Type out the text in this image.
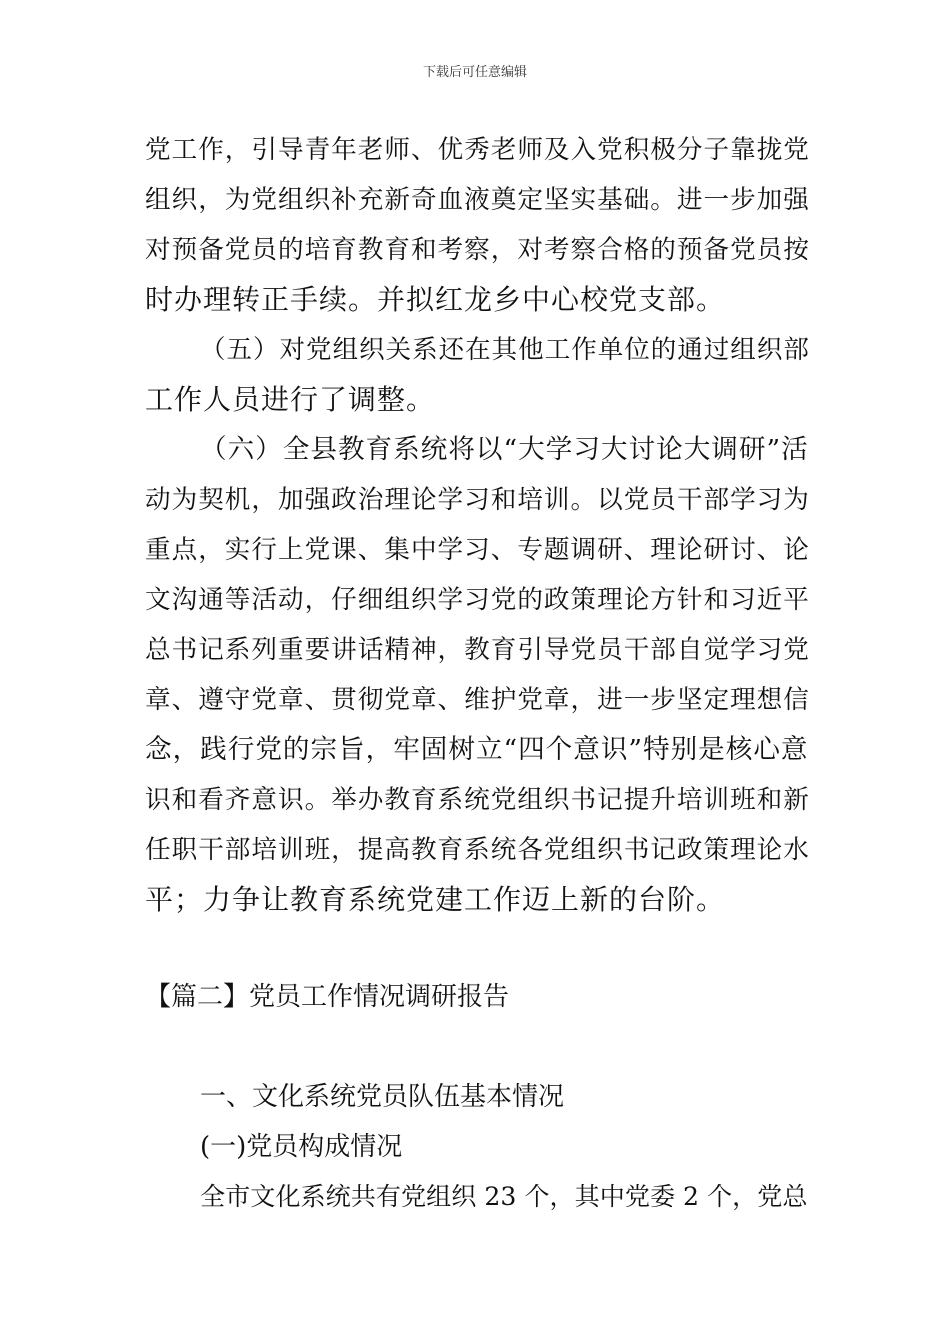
下载后可任意编辑
党工作，引导青年老师、优秀老师及入党积极分子靠拢党
组织，为党组织补充新奇血液奠定坚实基础。进一步加强
对预备党员的培育教育和考察，对考察合格的预备党员按
时办理转正手续。并拟红龙乡中心校党支部。
（五）对党组织关系还在其他工作单位的通过组织部
工作人员进行了调整。
（六）全县教育系统将以“大学习大讨论大调研”活
动为契机，加强政治理论学习和培训。以党员干部学习为
重点，实行上党课、集中学习、专题调研、理论研讨、论
文沟通等活动，仔细组织学习党的政策理论方针和习近平
总书记系列重要讲话精神，教育引导党员干部自觉学习党
章、遵守党章、贯彻党章、维护党章，进一步坚定理想信
念，践行党的宗旨，牢固树立“四个意识”特别是核心意
识和看齐意识。举办教育系统党组织书记提升培训班和新
任职干部培训班，提高教育系统各党组织书记政策理论水
平；力争让教育系统党建工作迈上新的台阶。
【篇二】党员工作情况调研报告
一、文化系统党员队伍基本情况
(一)党员构成情况
全市文化系统共有党组织 23 个，其中党委 2 个，党总
